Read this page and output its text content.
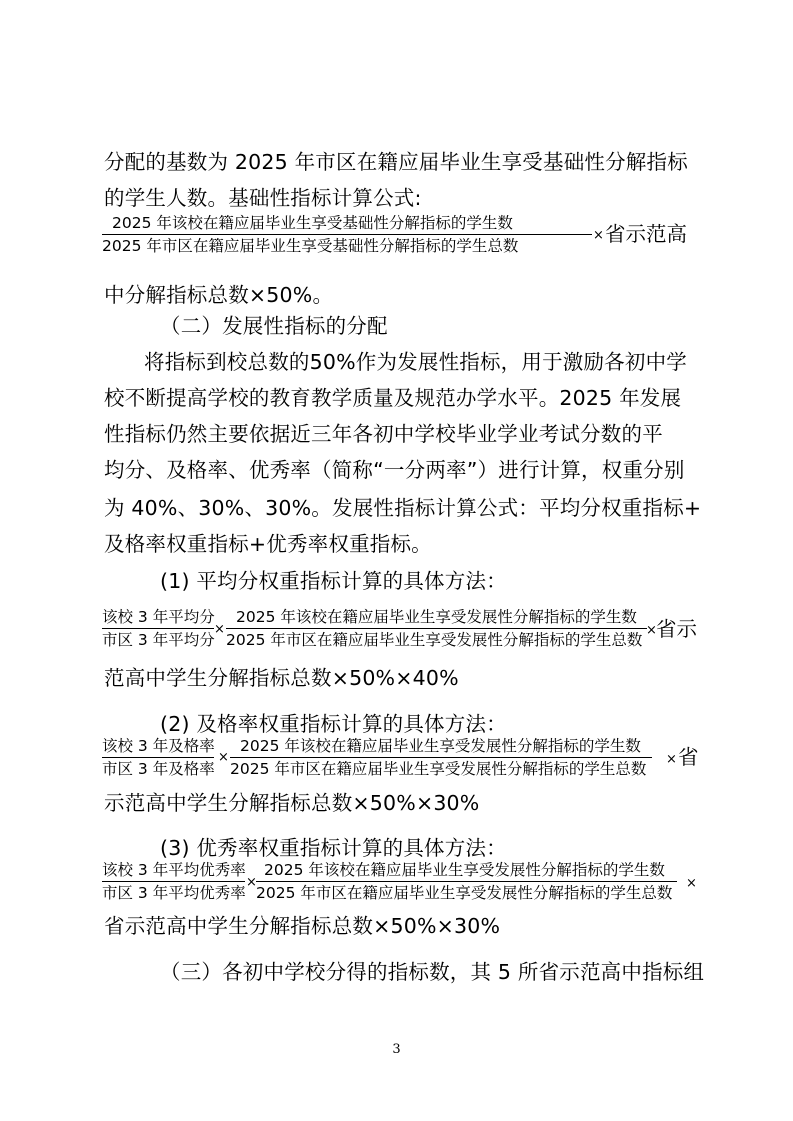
分配的基数为 2025 年市区在籍应届毕业生享受基础性分解指标
的学生人数。基础性指标计算公式:
2025 年该校在籍应届毕业生享受基础性分解指标的学生数
2025 年市区在籍应届毕业生享受基础性分解指标的学生总数
× 省示范高
中分解指标总数×50%。
（二）发展性指标的分配
将指标到校总数的50%作为发展性指标，用于激励各初中学
校不断提高学校的教育教学质量及规范办学水平。2025 年发展
性指标仍然主要依据近三年各初中学校毕业学业考试分数的平
均分、及格率、优秀率（简称“一分两率”）进行计算，权重分别
为 40%、30%、30%。发展性指标计算公式：平均分权重指标+
及格率权重指标+优秀率权重指标。
(1) 平均分权重指标计算的具体方法：
该校 3 年平均分
市区 3 年平均分
×
2025 年该校在籍应届毕业生享受发展性分解指标的学生数
2025 年市区在籍应届毕业生享受发展性分解指标的学生总数
× 省示
范高中学生分解指标总数×50%×40%
(2) 及格率权重指标计算的具体方法：
该校 3 年及格率
市区 3 年及格率
×
2025 年该校在籍应届毕业生享受发展性分解指标的学生数
2025 年市区在籍应届毕业生享受发展性分解指标的学生总数
× 省
示范高中学生分解指标总数×50%×30%
(3) 优秀率权重指标计算的具体方法：
该校 3 年平均优秀率
市区 3 年平均优秀率
×
2025 年该校在籍应届毕业生享受发展性分解指标的学生数
2025 年市区在籍应届毕业生享受发展性分解指标的学生总数
×
省示范高中学生分解指标总数×50%×30%
（三）各初中学校分得的指标数，其 5 所省示范高中指标组
3
